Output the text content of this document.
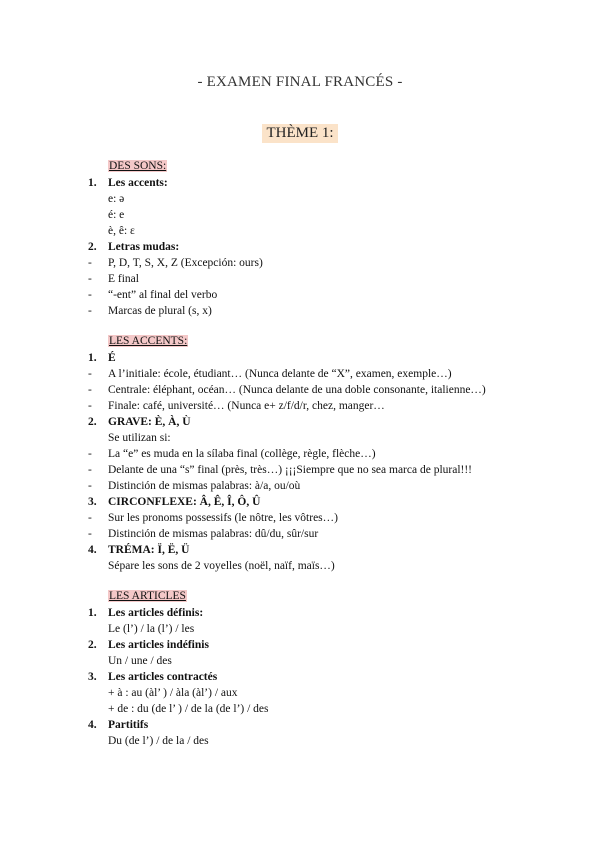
- EXAMEN FINAL FRANCÉS -
THÈME 1:
DES SONS:
1. Les accents:
e: ə
é: e
è, ê: ɛ
2. Letras mudas:
-	P, D, T, S, X, Z (Excepción: ours)
-	E final
-	“-ent” al final del verbo
-	Marcas de plural (s, x)
LES ACCENTS:
1. É
-	A l’initiale: école, étudiant… (Nunca delante de “X”, examen, exemple…)
-	Centrale: éléphant, océan… (Nunca delante de una doble consonante, italienne…)
-	Finale: café, université… (Nunca e+ z/f/d/r, chez, manger…
2. GRAVE: È, À, Ù
Se utilizan si:
-	La “e” es muda en la sílaba final (collège, règle, flèche…)
-	Delante de una “s” final (près, très…) ¡¡¡Siempre que no sea marca de plural!!!
-	Distinción de mismas palabras: à/a, ou/où
3. CIRCONFLEXE: Â, Ê, Î, Ô, Û
-	Sur les pronoms possessifs (le nôtre, les vôtres…)
-	Distinción de mismas palabras: dû/du, sûr/sur
4. TRÉMA: Ï, Ë, Ü
Sépare les sons de 2 voyelles (noël, naïf, maïs…)
LES ARTICLES
1. Les articles définis:
Le (l’) / la (l’) / les
2. Les articles indéfinis
Un / une / des
3. Les articles contractés
+ à : au (àl’ ) / àla (àl’) / aux
+ de : du (de l’ ) / de la (de l’) / des
4. Partitifs
Du (de l’) / de la / des
